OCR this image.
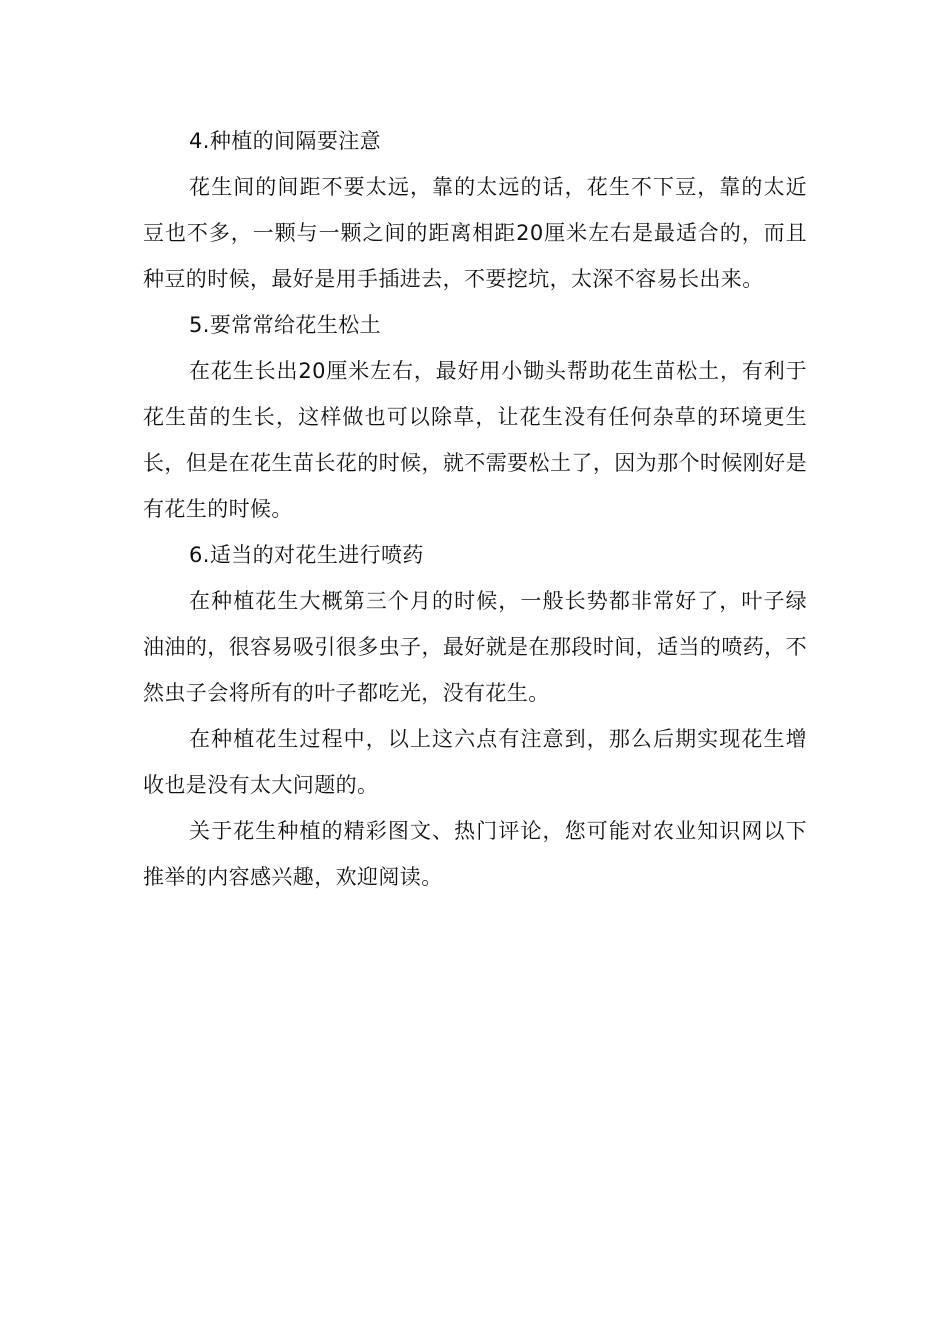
4.种植的间隔要注意

花生间的间距不要太远，靠的太远的话，花生不下豆，靠的太近豆也不多，一颗与一颗之间的距离相距20厘米左右是最适合的，而且种豆的时候，最好是用手插进去，不要挖坑，太深不容易长出来。

5.要常常给花生松土

在花生长出20厘米左右，最好用小锄头帮助花生苗松土，有利于花生苗的生长，这样做也可以除草，让花生没有任何杂草的环境更生长，但是在花生苗长花的时候，就不需要松土了，因为那个时候刚好是有花生的时候。

6.适当的对花生进行喷药

在种植花生大概第三个月的时候，一般长势都非常好了，叶子绿油油的，很容易吸引很多虫子，最好就是在那段时间，适当的喷药，不然虫子会将所有的叶子都吃光，没有花生。

在种植花生过程中，以上这六点有注意到，那么后期实现花生增收也是没有太大问题的。

关于花生种植的精彩图文、热门评论，您可能对农业知识网以下推举的内容感兴趣，欢迎阅读。
